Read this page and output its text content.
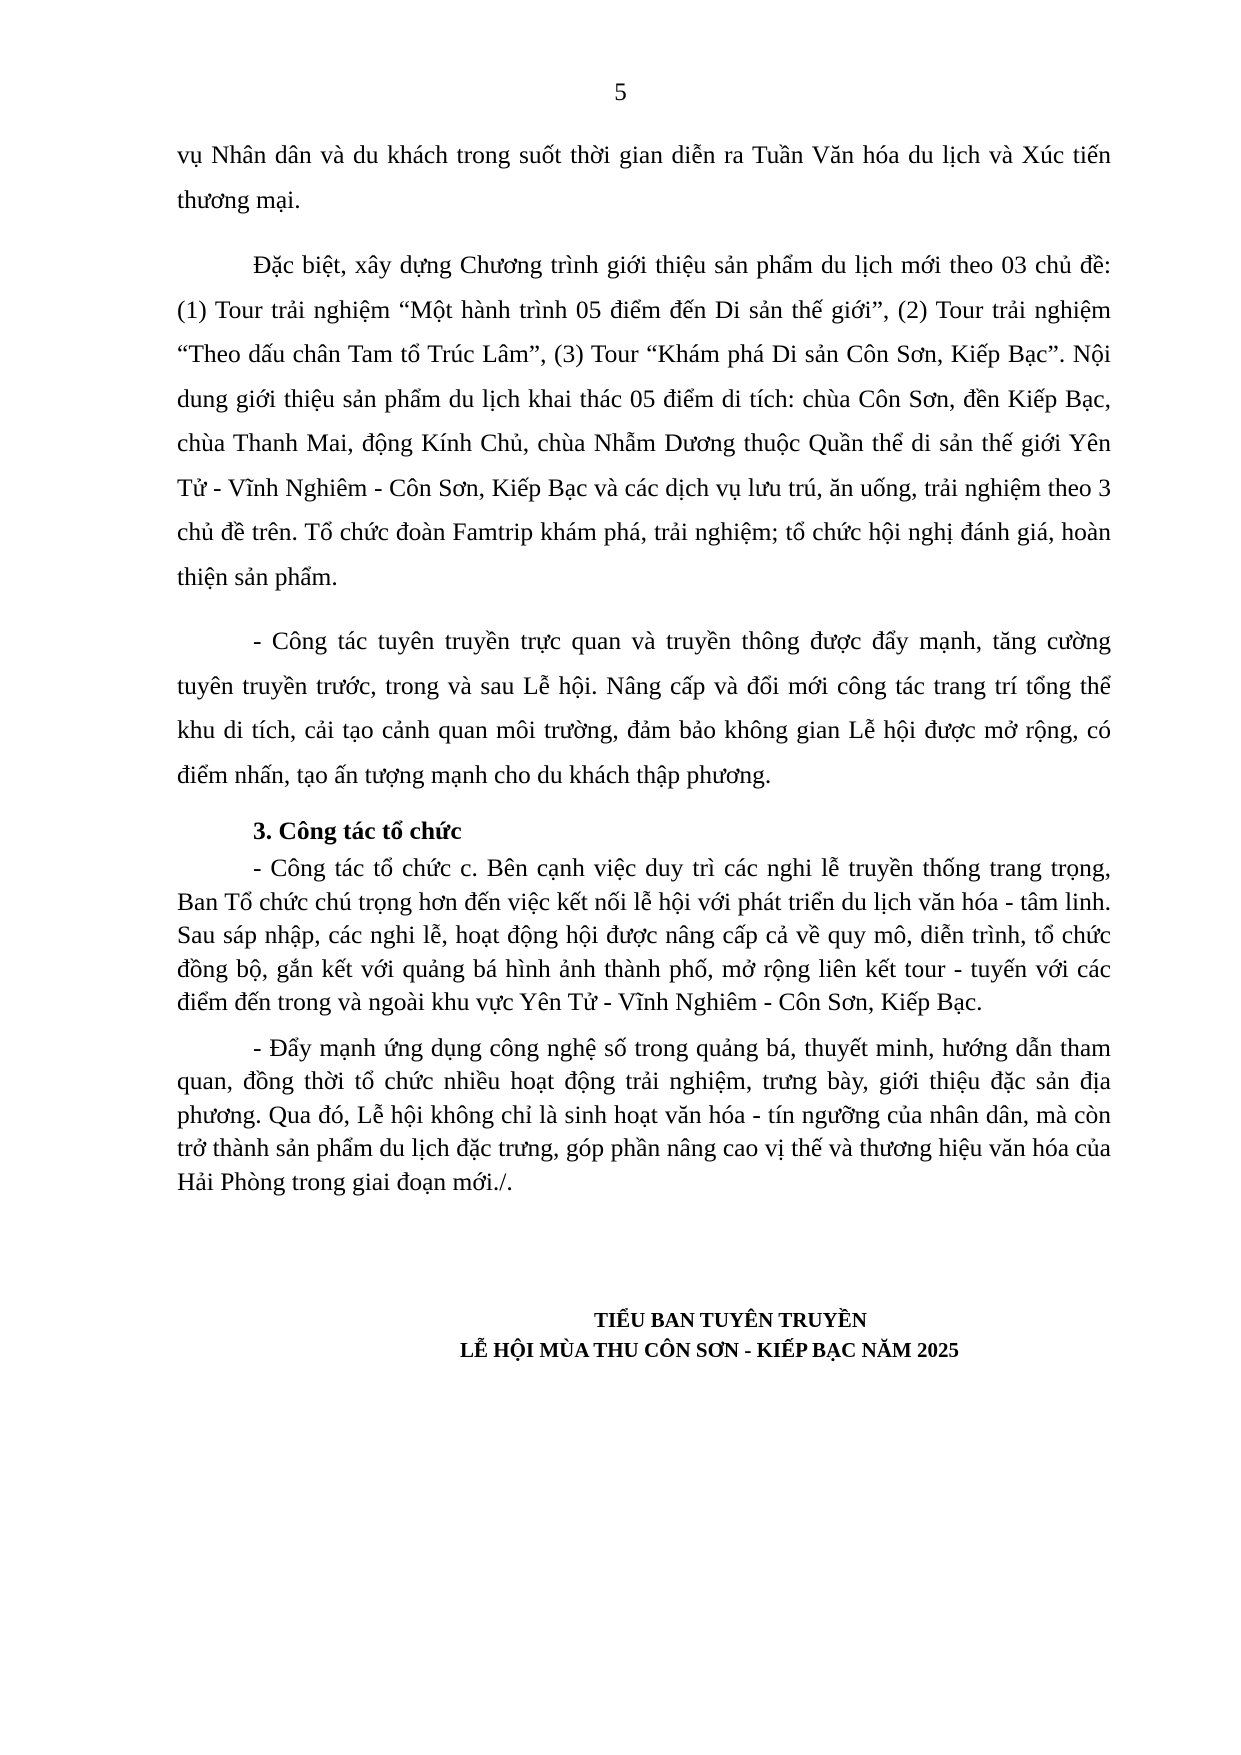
5

vụ Nhân dân và du khách trong suốt thời gian diễn ra Tuần Văn hóa du lịch và Xúc tiến thương mại.

Đặc biệt, xây dựng Chương trình giới thiệu sản phẩm du lịch mới theo 03 chủ đề: (1) Tour trải nghiệm “Một hành trình 05 điểm đến Di sản thế giới”, (2) Tour trải nghiệm “Theo dấu chân Tam tổ Trúc Lâm”, (3) Tour “Khám phá Di sản Côn Sơn, Kiếp Bạc”. Nội dung giới thiệu sản phẩm du lịch khai thác 05 điểm di tích: chùa Côn Sơn, đền Kiếp Bạc, chùa Thanh Mai, động Kính Chủ, chùa Nhẫm Dương thuộc Quần thể di sản thế giới Yên Tử - Vĩnh Nghiêm - Côn Sơn, Kiếp Bạc và các dịch vụ lưu trú, ăn uống, trải nghiệm theo 3 chủ đề trên. Tổ chức đoàn Famtrip khám phá, trải nghiệm; tổ chức hội nghị đánh giá, hoàn thiện sản phẩm.

- Công tác tuyên truyền trực quan và truyền thông được đẩy mạnh, tăng cường tuyên truyền trước, trong và sau Lễ hội. Nâng cấp và đổi mới công tác trang trí tổng thể khu di tích, cải tạo cảnh quan môi trường, đảm bảo không gian Lễ hội được mở rộng, có điểm nhấn, tạo ấn tượng mạnh cho du khách thập phương.

3. Công tác tổ chức

- Công tác tổ chức c. Bên cạnh việc duy trì các nghi lễ truyền thống trang trọng, Ban Tổ chức chú trọng hơn đến việc kết nối lễ hội với phát triển du lịch văn hóa - tâm linh. Sau sáp nhập, các nghi lễ, hoạt động hội được nâng cấp cả về quy mô, diễn trình, tổ chức đồng bộ, gắn kết với quảng bá hình ảnh thành phố, mở rộng liên kết tour - tuyến với các điểm đến trong và ngoài khu vực Yên Tử - Vĩnh Nghiêm - Côn Sơn, Kiếp Bạc.

- Đẩy mạnh ứng dụng công nghệ số trong quảng bá, thuyết minh, hướng dẫn tham quan, đồng thời tổ chức nhiều hoạt động trải nghiệm, trưng bày, giới thiệu đặc sản địa phương. Qua đó, Lễ hội không chỉ là sinh hoạt văn hóa - tín ngưỡng của nhân dân, mà còn trở thành sản phẩm du lịch đặc trưng, góp phần nâng cao vị thế và thương hiệu văn hóa của Hải Phòng trong giai đoạn mới./.

TIỂU BAN TUYÊN TRUYỀN
LỄ HỘI MÙA THU CÔN SƠN - KIẾP BẠC NĂM 2025
